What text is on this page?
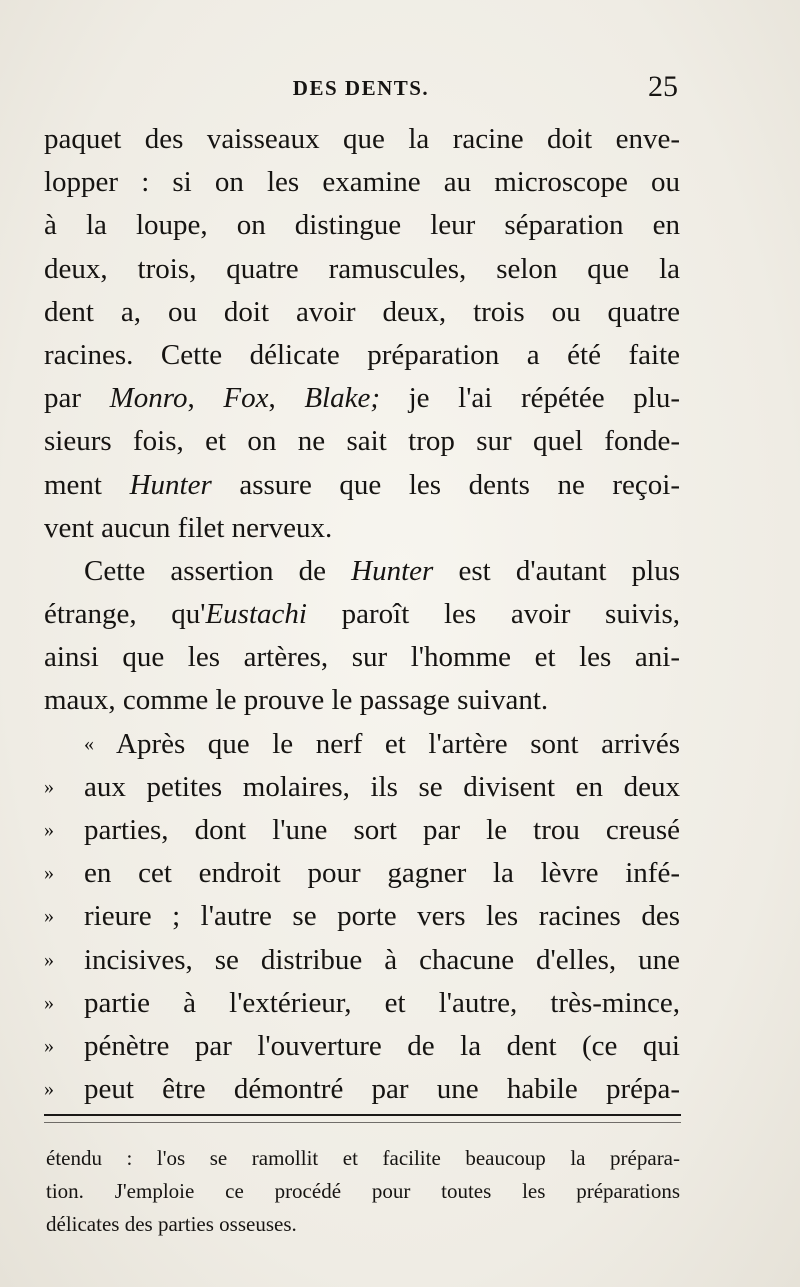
DES DENTS.	25
paquet des vaisseaux que la racine doit enve-
lopper : si on les examine au microscope ou
à la loupe, on distingue leur séparation en
deux, trois, quatre ramuscules, selon que la
dent a, ou doit avoir deux, trois ou quatre
racines. Cette délicate préparation a été faite
par Monro, Fox, Blake; je l'ai répétée plu-
sieurs fois, et on ne sait trop sur quel fonde-
ment Hunter assure que les dents ne reçoi-
vent aucun filet nerveux.
Cette assertion de Hunter est d'autant plus
étrange, qu'Eustachi paroît les avoir suivis,
ainsi que les artères, sur l'homme et les ani-
maux, comme le prouve le passage suivant.
« Après que le nerf et l'artère sont arrivés
»	aux petites molaires, ils se divisent en deux
»	parties, dont l'une sort par le trou creusé
»	en cet endroit pour gagner la lèvre infé-
»	rieure ; l'autre se porte vers les racines des
»	incisives, se distribue à chacune d'elles, une
»	partie à l'extérieur, et l'autre, très-mince,
»	pénètre par l'ouverture de la dent (ce qui
»	peut être démontré par une habile prépa-
étendu : l'os se ramollit et facilite beaucoup la prépara-
tion. J'emploie ce procédé pour toutes les préparations
délicates des parties osseuses.
